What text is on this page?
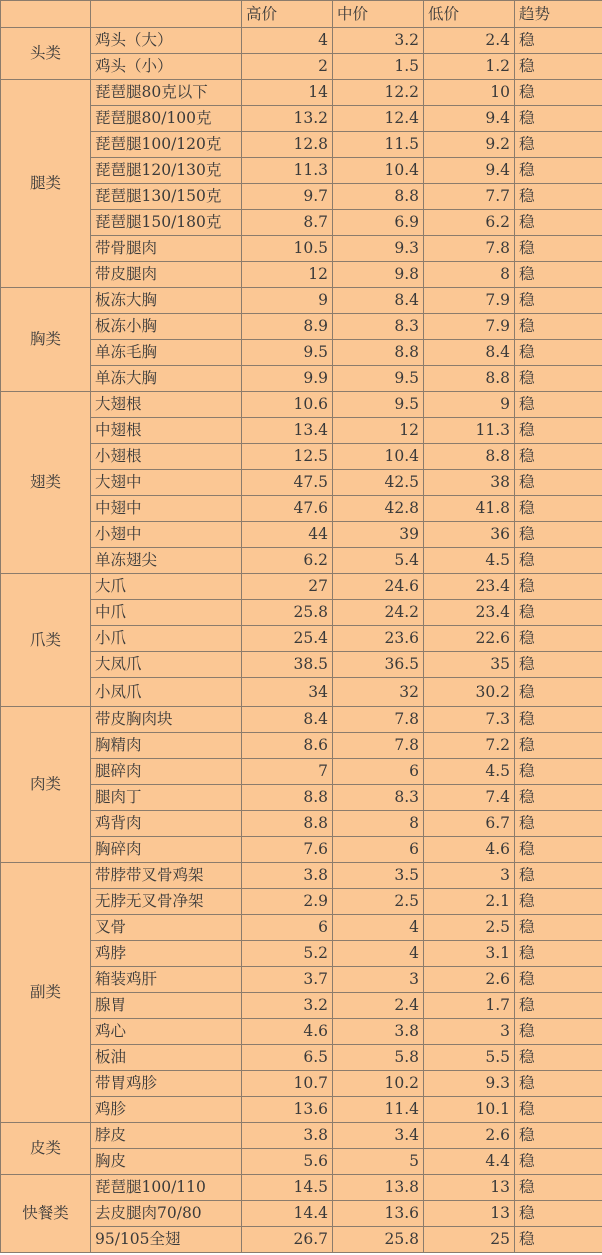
		高价	中价	低价	趋势
头类	鸡头（大）	4	3.2	2.4	稳
	鸡头（小）	2	1.5	1.2	稳
腿类	琵琶腿80克以下	14	12.2	10	稳
	琵琶腿80/100克	13.2	12.4	9.4	稳
	琵琶腿100/120克	12.8	11.5	9.2	稳
	琵琶腿120/130克	11.3	10.4	9.4	稳
	琵琶腿130/150克	9.7	8.8	7.7	稳
	琵琶腿150/180克	8.7	6.9	6.2	稳
	带骨腿肉	10.5	9.3	7.8	稳
	带皮腿肉	12	9.8	8	稳
胸类	板冻大胸	9	8.4	7.9	稳
	板冻小胸	8.9	8.3	7.9	稳
	单冻毛胸	9.5	8.8	8.4	稳
	单冻大胸	9.9	9.5	8.8	稳
翅类	大翅根	10.6	9.5	9	稳
	中翅根	13.4	12	11.3	稳
	小翅根	12.5	10.4	8.8	稳
	大翅中	47.5	42.5	38	稳
	中翅中	47.6	42.8	41.8	稳
	小翅中	44	39	36	稳
	单冻翅尖	6.2	5.4	4.5	稳
爪类	大爪	27	24.6	23.4	稳
	中爪	25.8	24.2	23.4	稳
	小爪	25.4	23.6	22.6	稳
	大凤爪	38.5	36.5	35	稳
	小凤爪	34	32	30.2	稳
肉类	带皮胸肉块	8.4	7.8	7.3	稳
	胸精肉	8.6	7.8	7.2	稳
	腿碎肉	7	6	4.5	稳
	腿肉丁	8.8	8.3	7.4	稳
	鸡背肉	8.8	8	6.7	稳
	胸碎肉	7.6	6	4.6	稳
副类	带脖带叉骨鸡架	3.8	3.5	3	稳
	无脖无叉骨净架	2.9	2.5	2.1	稳
	叉骨	6	4	2.5	稳
	鸡脖	5.2	4	3.1	稳
	箱装鸡肝	3.7	3	2.6	稳
	腺胃	3.2	2.4	1.7	稳
	鸡心	4.6	3.8	3	稳
	板油	6.5	5.8	5.5	稳
	带胃鸡胗	10.7	10.2	9.3	稳
	鸡胗	13.6	11.4	10.1	稳
皮类	脖皮	3.8	3.4	2.6	稳
	胸皮	5.6	5	4.4	稳
快餐类	琵琶腿100/110	14.5	13.8	13	稳
	去皮腿肉70/80	14.4	13.6	13	稳
	95/105全翅	26.7	25.8	25	稳
